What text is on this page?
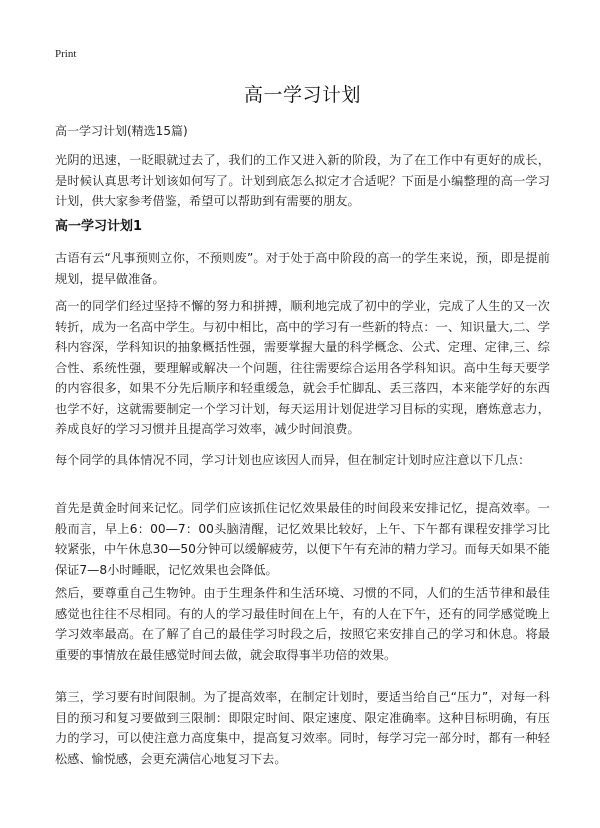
Print
高一学习计划
高一学习计划(精选15篇)
光阴的迅速，一眨眼就过去了，我们的工作又进入新的阶段，为了在工作中有更好的成长，是时候认真思考计划该如何写了。计划到底怎么拟定才合适呢？下面是小编整理的高一学习计划，供大家参考借鉴，希望可以帮助到有需要的朋友。
高一学习计划1
古语有云“凡事预则立你，不预则废”。对于处于高中阶段的高一的学生来说，预，即是提前规划，提早做准备。
高一的同学们经过坚持不懈的努力和拼搏，顺利地完成了初中的学业，完成了人生的又一次转折，成为一名高中学生。与初中相比，高中的学习有一些新的特点：一、知识量大,二、学科内容深，学科知识的抽象概括性强，需要掌握大量的科学概念、公式、定理、定律,三、综合性、系统性强，要理解或解决一个问题，往往需要综合运用各学科知识。高中生每天要学的内容很多，如果不分先后顺序和轻重缓急，就会手忙脚乱、丢三落四，本来能学好的东西也学不好，这就需要制定一个学习计划，每天运用计划促进学习目标的实现，磨炼意志力，养成良好的学习习惯并且提高学习效率，减少时间浪费。
每个同学的具体情况不同，学习计划也应该因人而异，但在制定计划时应注意以下几点：
首先是黄金时间来记忆。同学们应该抓住记忆效果最佳的时间段来安排记忆，提高效率。一般而言，早上6：00—7：00头脑清醒，记忆效果比较好，上午、下午都有课程安排学习比较紧张，中午休息30—50分钟可以缓解疲劳，以便下午有充沛的精力学习。而每天如果不能保证7—8小时睡眠，记忆效果也会降低。
然后，要尊重自己生物钟。由于生理条件和生活环境、习惯的不同，人们的生活节律和最佳感觉也往往不尽相同。有的人的学习最佳时间在上午，有的人在下午，还有的同学感觉晚上学习效率最高。在了解了自己的最佳学习时段之后，按照它来安排自己的学习和休息。将最重要的事情放在最佳感觉时间去做，就会取得事半功倍的效果。
第三，学习要有时间限制。为了提高效率，在制定计划时，要适当给自己“压力”，对每一科目的预习和复习要做到三限制：即限定时间、限定速度、限定准确率。这种目标明确，有压力的学习，可以使注意力高度集中，提高复习效率。同时，每学习完一部分时，都有一种轻松感、愉悦感，会更充满信心地复习下去。
